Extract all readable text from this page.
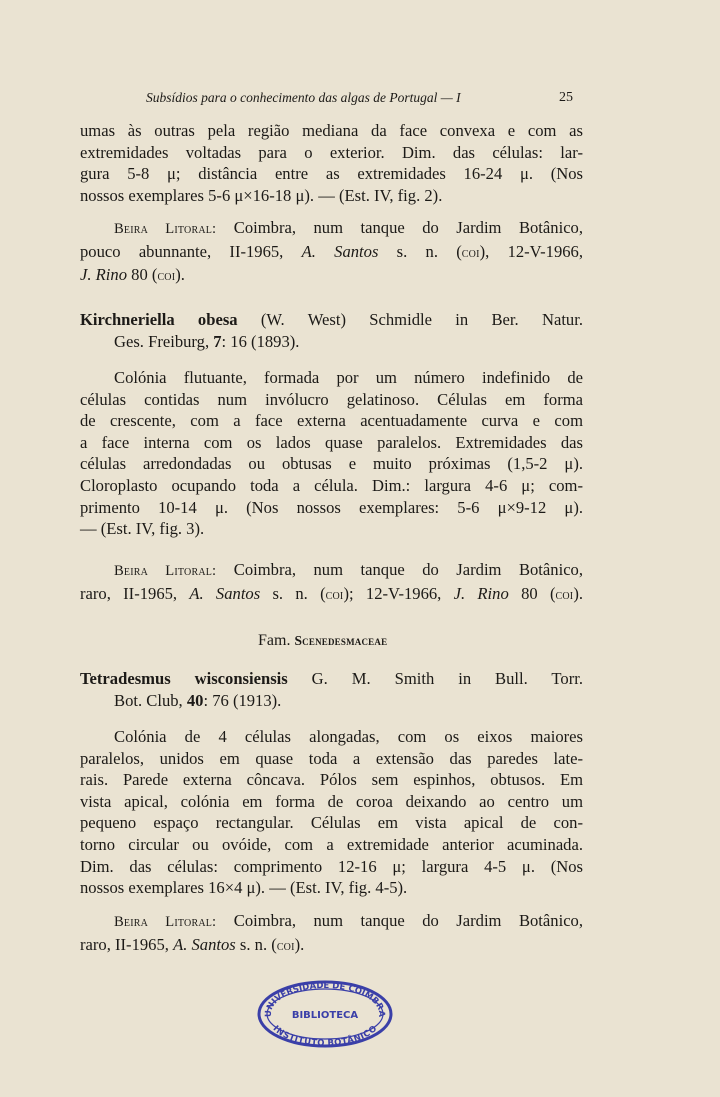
Subsídios para o conhecimento das algas de Portugal — I	25
umas às outras pela região mediana da face convexa e com as
extremidades voltadas para o exterior. Dim. das células: lar-
gura 5-8 μ; distância entre as extremidades 16-24 μ. (Nos
nossos exemplares 5-6 μ×16-18 μ). — (Est. IV, fig. 2).
Beira Litoral: Coimbra, num tanque do Jardim Botânico,
pouco abunnante, II-1965, A. Santos s. n. (coi), 12-V-1966,
J. Rino 80 (coi).
Kirchneriella obesa (W. West) Schmidle in Ber. Natur.
Ges. Freiburg, 7: 16 (1893).
Colónia flutuante, formada por um número indefinido de
células contidas num invólucro gelatinoso. Células em forma
de crescente, com a face externa acentuadamente curva e com
a face interna com os lados quase paralelos. Extremidades das
células arredondadas ou obtusas e muito próximas (1,5-2 μ).
Cloroplasto ocupando toda a célula. Dim.: largura 4-6 μ; com-
primento 10-14 μ. (Nos nossos exemplares: 5-6 μ×9-12 μ).
— (Est. IV, fig. 3).
Beira Litoral: Coimbra, num tanque do Jardim Botânico,
raro, II-1965, A. Santos s. n. (coi); 12-V-1966, J. Rino 80 (coi).
Fam. Scenedesmaceae
Tetradesmus wisconsiensis G. M. Smith in Bull. Torr.
Bot. Club, 40: 76 (1913).
Colónia de 4 células alongadas, com os eixos maiores
paralelos, unidos em quase toda a extensão das paredes late-
rais. Parede externa côncava. Pólos sem espinhos, obtusos. Em
vista apical, colónia em forma de coroa deixando ao centro um
pequeno espaço rectangular. Células em vista apical de con-
torno circular ou ovóide, com a extremidade anterior acuminada.
Dim. das células: comprimento 12-16 μ; largura 4-5 μ. (Nos
nossos exemplares 16×4 μ). — (Est. IV, fig. 4-5).
Beira Litoral: Coimbra, num tanque do Jardim Botânico,
raro, II-1965, A. Santos s. n. (coi).
UNIVERSIDADE DE COIMBRA
BIBLIOTECA
INSTITUTO BOTÂNICO
